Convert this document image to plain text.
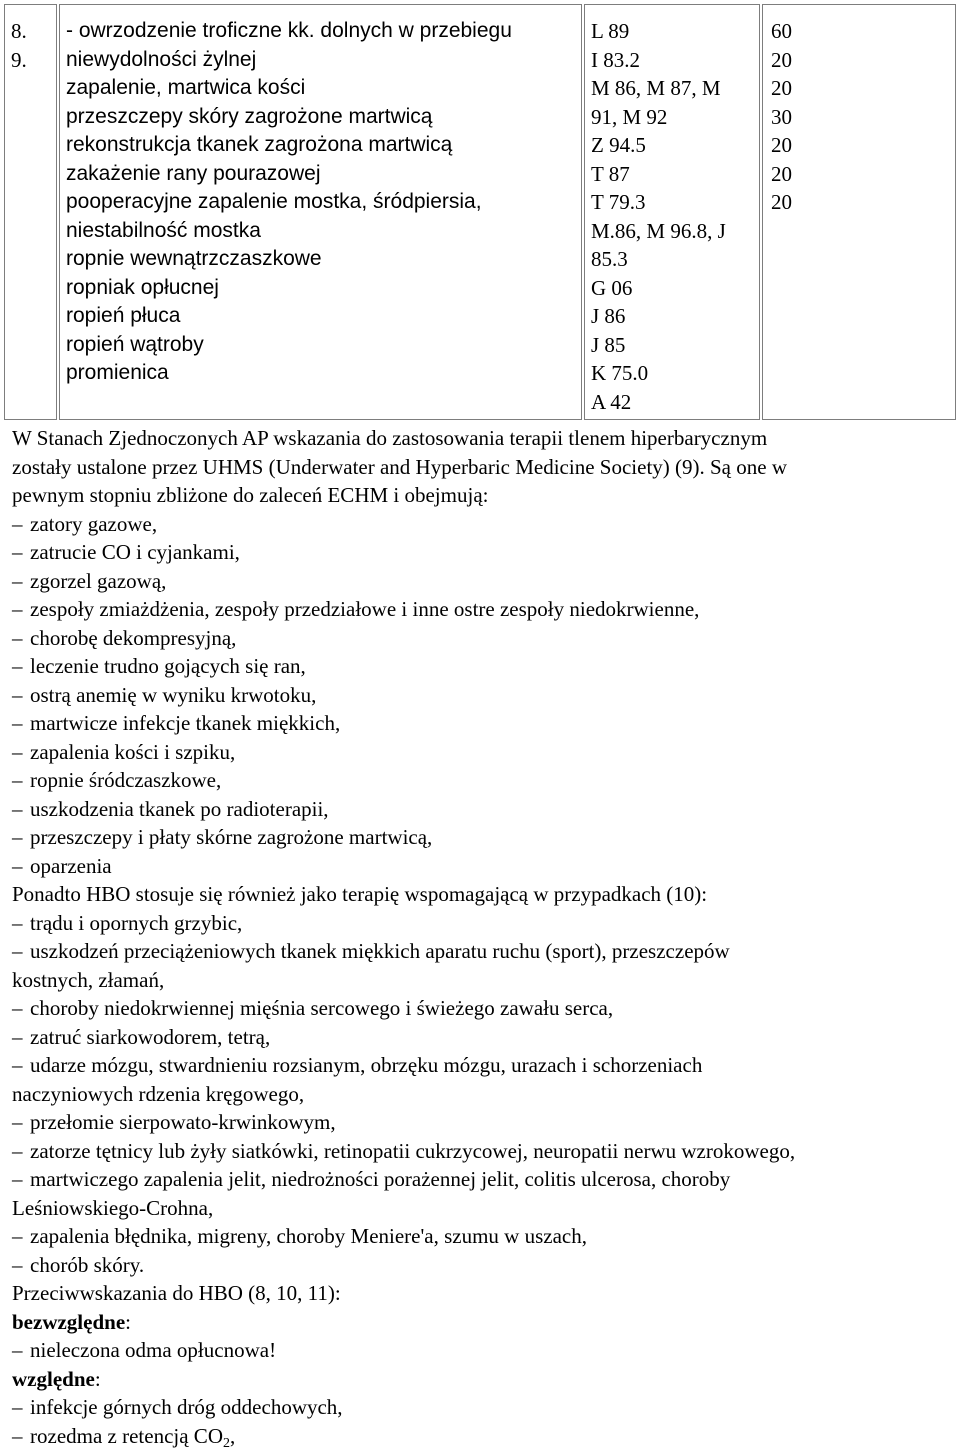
8.
9.
- owrzodzenie troficzne kk. dolnych w przebiegu
niewydolności żylnej
zapalenie, martwica kości
przeszczepy skóry zagrożone martwicą
rekonstrukcja tkanek zagrożona martwicą
zakażenie rany pourazowej
pooperacyjne zapalenie mostka, śródpiersia,
niestabilność mostka
ropnie wewnątrzczaszkowe
ropniak opłucnej
ropień płuca
ropień wątroby
promienica
L 89
I 83.2
M 86, M 87, M
91, M 92
Z 94.5
T 87
T 79.3
M.86, M 96.8, J
85.3
G 06
J 86
J 85
K 75.0
A 42
60
20
20
30
20
20
20
W Stanach Zjednoczonych AP wskazania do zastosowania terapii tlenem hiperbarycznym
zostały ustalone przez UHMS (Underwater and Hyperbaric Medicine Society) (9). Są one w
pewnym stopniu zbliżone do zaleceń ECHM i obejmują:
– zatory gazowe,
– zatrucie CO i cyjankami,
– zgorzel gazową,
– zespoły zmiażdżenia, zespoły przedziałowe i inne ostre zespoły niedokrwienne,
– chorobę dekompresyjną,
– leczenie trudno gojących się ran,
– ostrą anemię w wyniku krwotoku,
– martwicze infekcje tkanek miękkich,
– zapalenia kości i szpiku,
– ropnie śródczaszkowe,
– uszkodzenia tkanek po radioterapii,
– przeszczepy i płaty skórne zagrożone martwicą,
– oparzenia
Ponadto HBO stosuje się również jako terapię wspomagającą w przypadkach (10):
– trądu i opornych grzybic,
– uszkodzeń przeciążeniowych tkanek miękkich aparatu ruchu (sport), przeszczepów
kostnych, złamań,
– choroby niedokrwiennej mięśnia sercowego i świeżego zawału serca,
– zatruć siarkowodorem, tetrą,
– udarze mózgu, stwardnieniu rozsianym, obrzęku mózgu, urazach i schorzeniach
naczyniowych rdzenia kręgowego,
– przełomie sierpowato-krwinkowym,
– zatorze tętnicy lub żyły siatkówki, retinopatii cukrzycowej, neuropatii nerwu wzrokowego,
– martwiczego zapalenia jelit, niedrożności porażennej jelit, colitis ulcerosa, choroby
Leśniowskiego-Crohna,
– zapalenia błędnika, migreny, choroby Meniere'a, szumu w uszach,
– chorób skóry.
Przeciwwskazania do HBO (8, 10, 11):
bezwzględne:
– nieleczona odma opłucnowa!
względne:
– infekcje górnych dróg oddechowych,
– rozedma z retencją $CO_2$,
